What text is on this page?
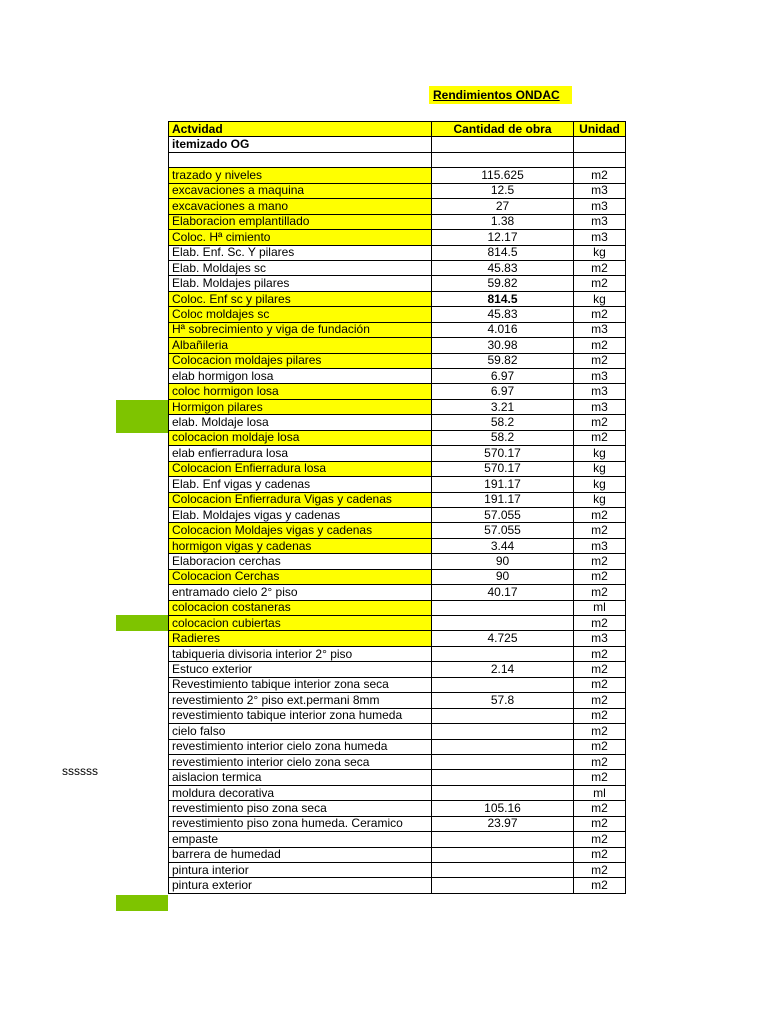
Rendimientos ONDAC
ssssss
Actvidad	Cantidad de obra	Unidad
itemizado OG		

trazado y niveles	115.625	m2
excavaciones a maquina	12.5	m3
excavaciones a mano	27	m3
Elaboracion emplantillado	1.38	m3
Coloc. Hª cimiento	12.17	m3
Elab. Enf. Sc. Y pilares	814.5	kg
Elab. Moldajes sc	45.83	m2
Elab. Moldajes pilares	59.82	m2
Coloc. Enf sc y pilares	814.5	kg
Coloc moldajes sc	45.83	m2
Hª sobrecimiento y viga de fundación	4.016	m3
Albañileria	30.98	m2
Colocacion moldajes pilares	59.82	m2
elab hormigon losa	6.97	m3
coloc hormigon losa	6.97	m3
Hormigon pilares	3.21	m3
elab. Moldaje losa	58.2	m2
colocacion moldaje losa	58.2	m2
elab enfierradura losa	570.17	kg
Colocacion Enfierradura losa	570.17	kg
Elab. Enf vigas y cadenas	191.17	kg
Colocacion Enfierradura Vigas y cadenas	191.17	kg
Elab. Moldajes vigas y cadenas	57.055	m2
Colocacion Moldajes vigas y cadenas	57.055	m2
hormigon vigas y cadenas	3.44	m3
Elaboracion cerchas	90	m2
Colocacion Cerchas	90	m2
entramado cielo 2° piso	40.17	m2
colocacion costaneras		ml
colocacion cubiertas		m2
Radieres	4.725	m3
tabiqueria divisoria interior 2° piso		m2
Estuco exterior	2.14	m2
Revestimiento tabique interior zona seca		m2
revestimiento 2° piso ext.permani 8mm	57.8	m2
revestimiento tabique interior zona humeda		m2
cielo falso		m2
revestimiento interior cielo zona humeda		m2
revestimiento interior cielo zona seca		m2
aislacion termica		m2
moldura decorativa		ml
revestimiento piso zona seca	105.16	m2
revestimiento piso zona humeda. Ceramico	23.97	m2
empaste		m2
barrera de humedad		m2
pintura interior		m2
pintura exterior		m2
